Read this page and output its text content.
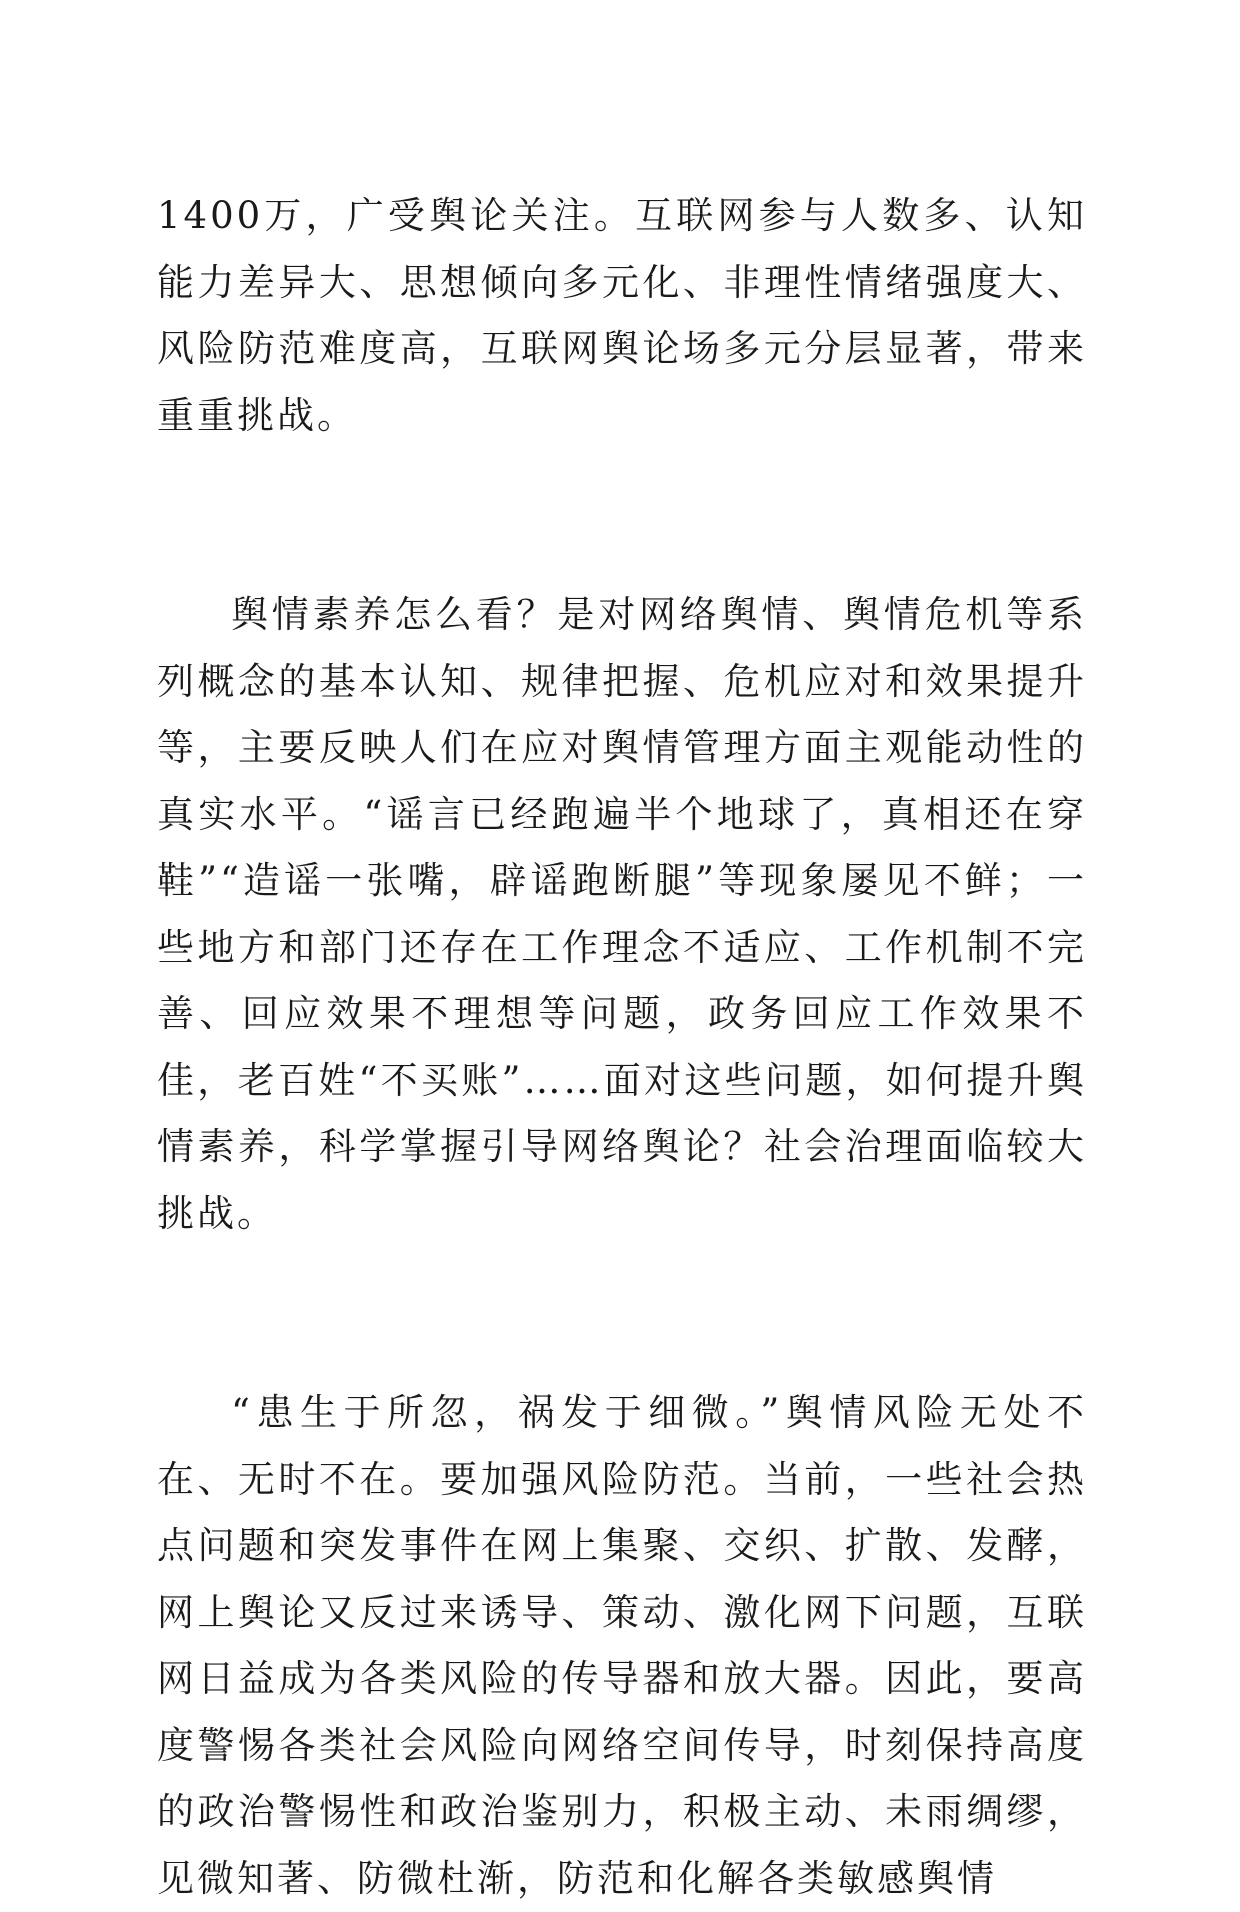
1400万，广受舆论关注。互联网参与人数多、认知能力差异大、思想倾向多元化、非理性情绪强度大、风险防范难度高，互联网舆论场多元分层显著，带来重重挑战。

舆情素养怎么看？是对网络舆情、舆情危机等系列概念的基本认知、规律把握、危机应对和效果提升等，主要反映人们在应对舆情管理方面主观能动性的真实水平。“谣言已经跑遍半个地球了，真相还在穿鞋”“造谣一张嘴，辟谣跑断腿”等现象屡见不鲜；一些地方和部门还存在工作理念不适应、工作机制不完善、回应效果不理想等问题，政务回应工作效果不佳，老百姓“不买账”……面对这些问题，如何提升舆情素养，科学掌握引导网络舆论？社会治理面临较大挑战。

“患生于所忽，祸发于细微。”舆情风险无处不在、无时不在。要加强风险防范。当前，一些社会热点问题和突发事件在网上集聚、交织、扩散、发酵，网上舆论又反过来诱导、策动、激化网下问题，互联网日益成为各类风险的传导器和放大器。因此，要高度警惕各类社会风险向网络空间传导，时刻保持高度的政治警惕性和政治鉴别力，积极主动、未雨绸缪，见微知著、防微杜渐，防范和化解各类敏感舆情
